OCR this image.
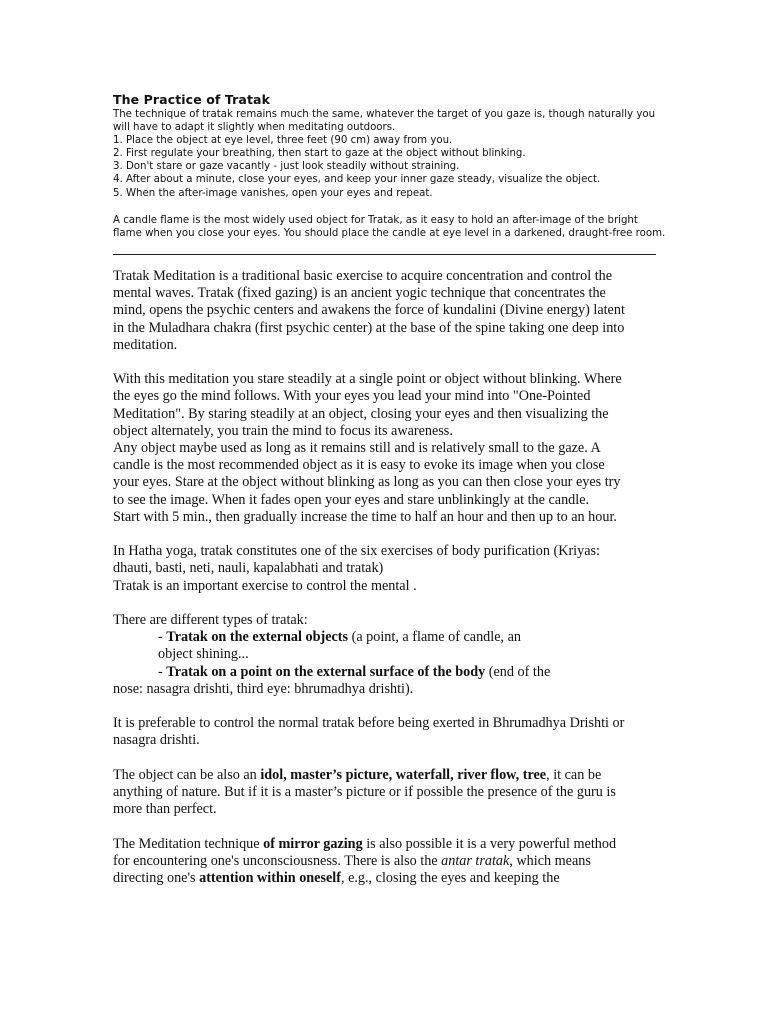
The Practice of Tratak
The technique of tratak remains much the same, whatever the target of you gaze is, though naturally you
will have to adapt it slightly when meditating outdoors.
1. Place the object at eye level, three feet (90 cm) away from you.
2. First regulate your breathing, then start to gaze at the object without blinking.
3. Don't stare or gaze vacantly - just look steadily without straining.
4. After about a minute, close your eyes, and keep your inner gaze steady, visualize the object.
5. When the after-image vanishes, open your eyes and repeat.
A candle flame is the most widely used object for Tratak, as it easy to hold an after-image of the bright
flame when you close your eyes. You should place the candle at eye level in a darkened, draught-free room.
Tratak Meditation is a traditional basic exercise to acquire concentration and control the
mental waves. Tratak (fixed gazing) is an ancient yogic technique that concentrates the
mind, opens the psychic centers and awakens the force of kundalini (Divine energy) latent
in the Muladhara chakra (first psychic center) at the base of the spine taking one deep into
meditation.
With this meditation you stare steadily at a single point or object without blinking. Where
the eyes go the mind follows. With your eyes you lead your mind into "One-Pointed
Meditation". By staring steadily at an object, closing your eyes and then visualizing the
object alternately, you train the mind to focus its awareness.
Any object maybe used as long as it remains still and is relatively small to the gaze. A
candle is the most recommended object as it is easy to evoke its image when you close
your eyes. Stare at the object without blinking as long as you can then close your eyes try
to see the image. When it fades open your eyes and stare unblinkingly at the candle.
Start with 5 min., then gradually increase the time to half an hour and then up to an hour.
In Hatha yoga, tratak constitutes one of the six exercises of body purification (Kriyas:
dhauti, basti, neti, nauli, kapalabhati and tratak)
Tratak is an important exercise to control the mental .
There are different types of tratak:
- Tratak on the external objects (a point, a flame of candle, an
object shining...
- Tratak on a point on the external surface of the body (end of the
nose: nasagra drishti, third eye: bhrumadhya drishti).
It is preferable to control the normal tratak before being exerted in Bhrumadhya Drishti or
nasagra drishti.
The object can be also an idol, master’s picture, waterfall, river flow, tree, it can be
anything of nature. But if it is a master’s picture or if possible the presence of the guru is
more than perfect.
The Meditation technique of mirror gazing is also possible it is a very powerful method
for encountering one's unconsciousness. There is also the antar tratak, which means
directing one's attention within oneself, e.g., closing the eyes and keeping the
